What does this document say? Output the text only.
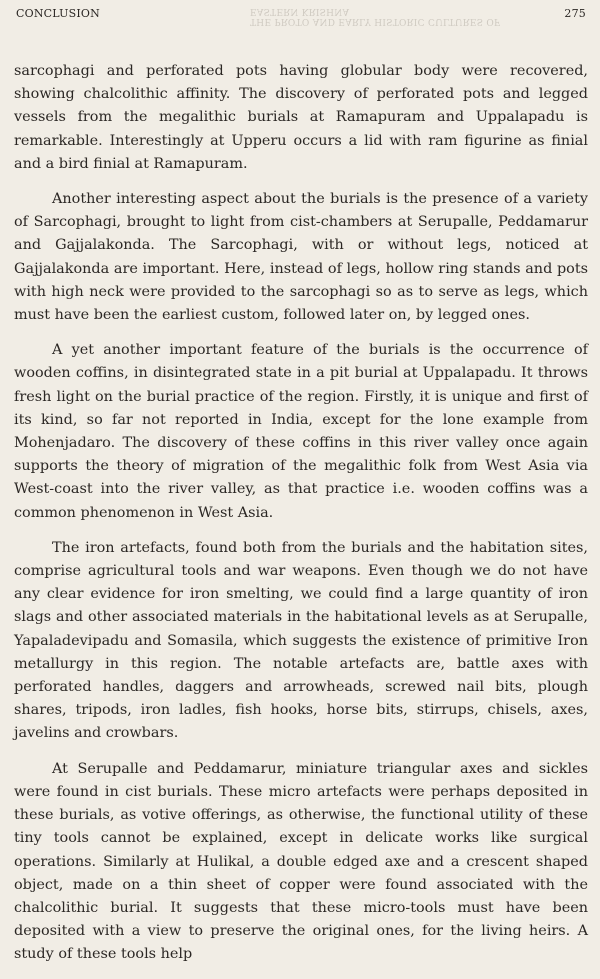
THE PROTO AND EARLY HISTORIC CULTURES OF EASTERN KRISHNA
CONCLUSION	275

sarcophagi and perforated pots having globular body were recovered, showing chalcolithic affinity. The discovery of perforated pots and legged vessels from the megalithic burials at Ramapuram and Uppalapadu is remarkable. Interestingly at Upperu occurs a lid with ram figurine as finial and a bird finial at Ramapuram.

Another interesting aspect about the burials is the presence of a variety of Sarcophagi, brought to light from cist-chambers at Serupalle, Peddamarur and Gajjalakonda. The Sarcophagi, with or without legs, noticed at Gajjalakonda are important. Here, instead of legs, hollow ring stands and pots with high neck were provided to the sarcophagi so as to serve as legs, which must have been the earliest custom, followed later on, by legged ones.

A yet another important feature of the burials is the occurrence of wooden coffins, in disintegrated state in a pit burial at Uppalapadu. It throws fresh light on the burial practice of the region. Firstly, it is unique and first of its kind, so far not reported in India, except for the lone example from Mohenjadaro. The discovery of these coffins in this river valley once again supports the theory of migration of the megalithic folk from West Asia via West-coast into the river valley, as that practice i.e. wooden coffins was a common phenomenon in West Asia.

The iron artefacts, found both from the burials and the habitation sites, comprise agricultural tools and war weapons. Even though we do not have any clear evidence for iron smelting, we could find a large quantity of iron slags and other associated materials in the habitational levels as at Serupalle, Yapaladevipadu and Somasila, which suggests the existence of primitive Iron metallurgy in this region. The notable artefacts are, battle axes with perforated handles, daggers and arrowheads, screwed nail bits, plough shares, tripods, iron ladles, fish hooks, horse bits, stirrups, chisels, axes, javelins and crowbars.

At Serupalle and Peddamarur, miniature triangular axes and sickles were found in cist burials. These micro artefacts were perhaps deposited in these burials, as votive offerings, as otherwise, the functional utility of these tiny tools cannot be explained, except in delicate works like surgical operations. Similarly at Hulikal, a double edged axe and a crescent shaped object, made on a thin sheet of copper were found associated with the chalcolithic burial. It suggests that these micro-tools must have been deposited with a view to preserve the original ones, for the living heirs. A study of these tools help
